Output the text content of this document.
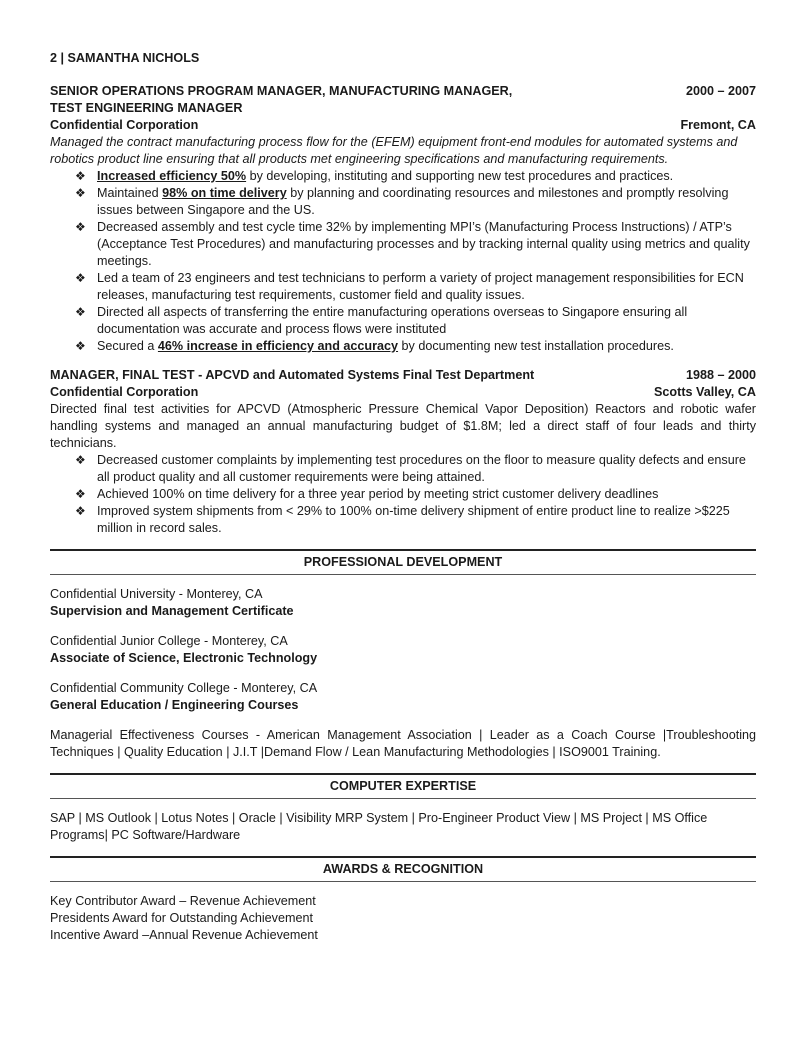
2 | SAMANTHA NICHOLS
SENIOR OPERATIONS PROGRAM MANAGER, MANUFACTURING MANAGER,	2000 – 2007
TEST ENGINEERING MANAGER
Confidential Corporation	Fremont, CA
Managed the contract manufacturing process flow for the (EFEM) equipment front-end modules for automated systems and robotics product line ensuring that all products met engineering specifications and manufacturing requirements.
❖ Increased efficiency 50% by developing, instituting and supporting new test procedures and practices.
❖ Maintained 98% on time delivery by planning and coordinating resources and milestones and promptly resolving issues between Singapore and the US.
❖ Decreased assembly and test cycle time 32% by implementing MPI’s (Manufacturing Process Instructions) / ATP’s (Acceptance Test Procedures) and manufacturing processes and by tracking internal quality using metrics and quality meetings.
❖ Led a team of 23 engineers and test technicians to perform a variety of project management responsibilities for ECN releases, manufacturing test requirements, customer field and quality issues.
❖ Directed all aspects of transferring the entire manufacturing operations overseas to Singapore ensuring all documentation was accurate and process flows were instituted
❖ Secured a 46% increase in efficiency and accuracy by documenting new test installation procedures.
MANAGER, FINAL TEST - APCVD and Automated Systems Final Test Department	1988 – 2000
Confidential Corporation	Scotts Valley, CA
Directed final test activities for APCVD (Atmospheric Pressure Chemical Vapor Deposition) Reactors and robotic wafer handling systems and managed an annual manufacturing budget of $1.8M; led a direct staff of four leads and thirty technicians.
❖ Decreased customer complaints by implementing test procedures on the floor to measure quality defects and ensure all product quality and all customer requirements were being attained.
❖ Achieved 100% on time delivery for a three year period by meeting strict customer delivery deadlines
❖ Improved system shipments from < 29% to 100% on-time delivery shipment of entire product line to realize >$225 million in record sales.
PROFESSIONAL DEVELOPMENT
Confidential University - Monterey, CA
Supervision and Management Certificate
Confidential Junior College - Monterey, CA
Associate of Science, Electronic Technology
Confidential Community College - Monterey, CA
General Education / Engineering Courses
Managerial Effectiveness Courses - American Management Association | Leader as a Coach Course |Troubleshooting Techniques | Quality Education | J.I.T |Demand Flow / Lean Manufacturing Methodologies | ISO9001 Training.
COMPUTER EXPERTISE
SAP | MS Outlook | Lotus Notes | Oracle | Visibility MRP System | Pro-Engineer Product View | MS Project | MS Office Programs| PC Software/Hardware
AWARDS & RECOGNITION

Key Contributor Award – Revenue Achievement

Presidents Award for Outstanding Achievement

Incentive Award –Annual Revenue Achievement
